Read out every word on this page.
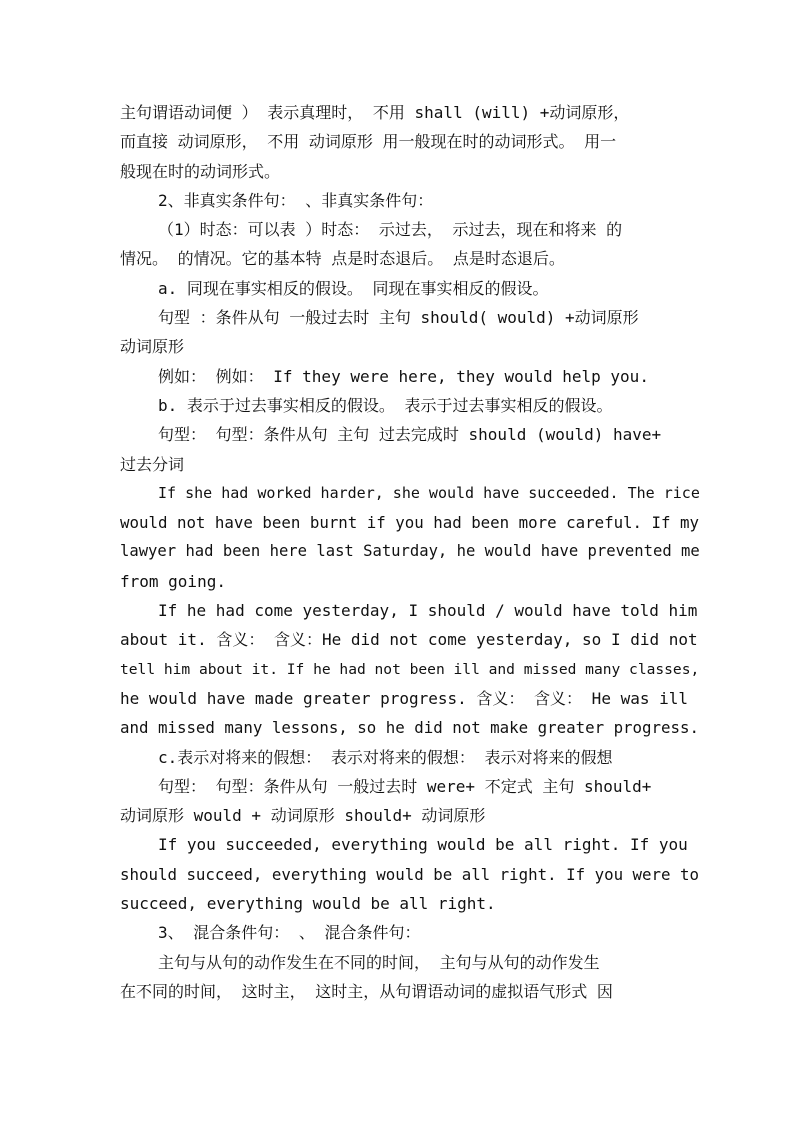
主句谓语动词便 ） 表示真理时， 不用 shall (will) +动词原形，
而直接 动词原形， 不用 动词原形 用一般现在时的动词形式。 用一
般现在时的动词形式。
2、非真实条件句： 、非真实条件句：
（1）时态：可以表 ）时态： 示过去， 示过去，现在和将来 的
情况。 的情况。它的基本特 点是时态退后。 点是时态退后。
a. 同现在事实相反的假设。 同现在事实相反的假设。
句型 ：条件从句 一般过去时 主句 should( would) +动词原形
动词原形
例如： 例如： If they were here, they would help you.
b. 表示于过去事实相反的假设。 表示于过去事实相反的假设。
句型： 句型：条件从句 主句 过去完成时 should (would) have+
过去分词
If she had worked harder, she would have succeeded. The rice
would not have been burnt if you had been more careful. If my
lawyer had been here last Saturday, he would have prevented me
from going.
If he had come yesterday, I should / would have told him
about it. 含义： 含义：He did not come yesterday, so I did not
tell him about it. If he had not been ill and missed many classes,
he would have made greater progress. 含义： 含义： He was ill
and missed many lessons, so he did not make greater progress.
c.表示对将来的假想： 表示对将来的假想： 表示对将来的假想
句型： 句型：条件从句 一般过去时 were+ 不定式 主句 should+
动词原形 would + 动词原形 should+ 动词原形
If you succeeded, everything would be all right. If you
should succeed, everything would be all right. If you were to
succeed, everything would be all right.
3、 混合条件句： 、 混合条件句：
主句与从句的动作发生在不同的时间， 主句与从句的动作发生
在不同的时间， 这时主， 这时主，从句谓语动词的虚拟语气形式 因
